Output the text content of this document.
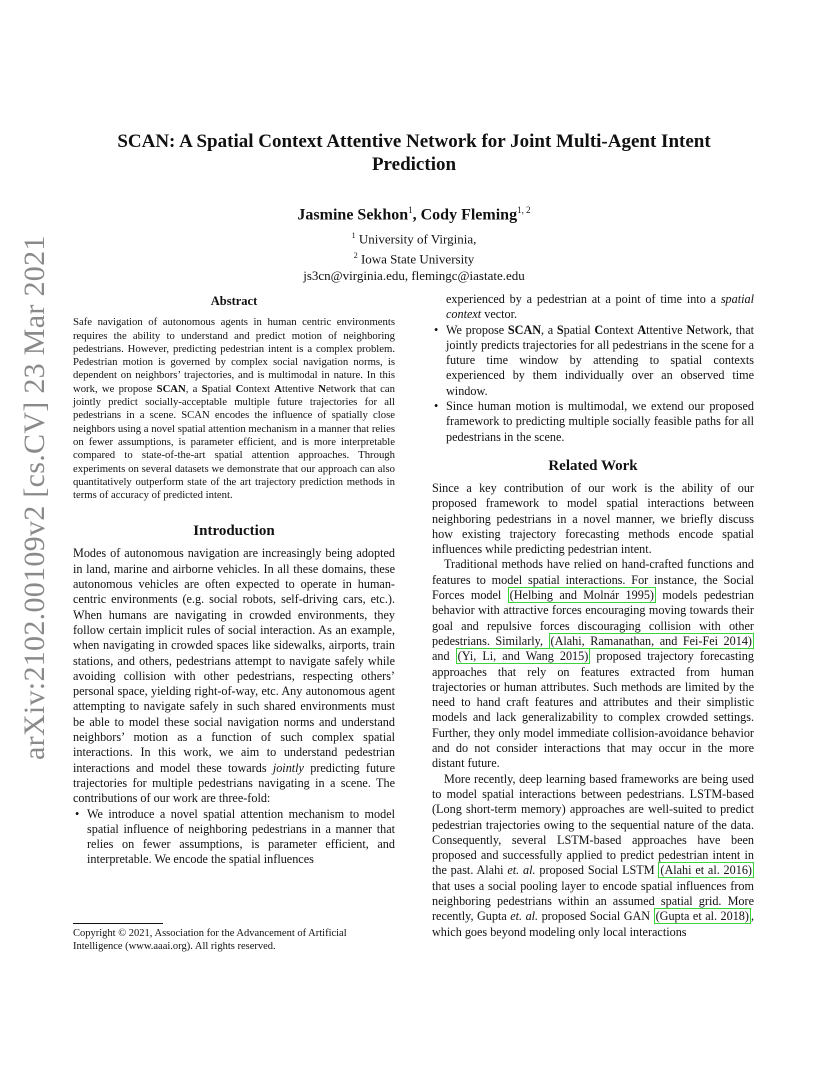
arXiv:2102.00109v2 [cs.CV] 23 Mar 2021
SCAN: A Spatial Context Attentive Network for Joint Multi-Agent Intent
Prediction
Jasmine Sekhon$^1$, Cody Fleming$^{1, 2}$
$^1$ University of Virginia,
$^2$ Iowa State University
js3cn@virginia.edu, flemingc@iastate.edu
Abstract

Safe navigation of autonomous agents in human centric environments requires the ability to understand and predict motion of neighboring pedestrians. However, predicting pedestrian intent is a complex problem. Pedestrian motion is governed by complex social navigation norms, is dependent on neighbors’ trajectories, and is multimodal in nature. In this work, we propose SCAN, a Spatial Context Attentive Network that can jointly predict socially-acceptable multiple future trajectories for all pedestrians in a scene. SCAN encodes the influence of spatially close neighbors using a novel spatial attention mechanism in a manner that relies on fewer assumptions, is parameter efficient, and is more interpretable compared to state-of-the-art spatial attention approaches. Through experiments on several datasets we demonstrate that our approach can also quantitatively outperform state of the art trajectory prediction methods in terms of accuracy of predicted intent.

Introduction

Modes of autonomous navigation are increasingly being adopted in land, marine and airborne vehicles. In all these domains, these autonomous vehicles are often expected to operate in human-centric environments (e.g. social robots, self-driving cars, etc.). When humans are navigating in crowded environments, they follow certain implicit rules of social interaction. As an example, when navigating in crowded spaces like sidewalks, airports, train stations, and others, pedestrians attempt to navigate safely while avoiding collision with other pedestrians, respecting others’ personal space, yielding right-of-way, etc. Any autonomous agent attempting to navigate safely in such shared environments must be able to model these social navigation norms and understand neighbors’ motion as a function of such complex spatial interactions. In this work, we aim to understand pedestrian interactions and model these towards jointly predicting future trajectories for multiple pedestrians navigating in a scene. The contributions of our work are three-fold:

• We introduce a novel spatial attention mechanism to model spatial influence of neighboring pedestrians in a manner that relies on fewer assumptions, is parameter efficient, and interpretable. We encode the spatial influences
Copyright © 2021, Association for the Advancement of Artificial Intelligence (www.aaai.org). All rights reserved.

experienced by a pedestrian at a point of time into a spatial context vector.

• We propose SCAN, a Spatial Context Attentive Network, that jointly predicts trajectories for all pedestrians in the scene for a future time window by attending to spatial contexts experienced by them individually over an observed time window.
• Since human motion is multimodal, we extend our proposed framework to predicting multiple socially feasible paths for all pedestrians in the scene.
Related Work

Since a key contribution of our work is the ability of our proposed framework to model spatial interactions between neighboring pedestrians in a novel manner, we briefly discuss how existing trajectory forecasting methods encode spatial influences while predicting pedestrian intent.

Traditional methods have relied on hand-crafted functions and features to model spatial interactions. For instance, the Social Forces model (Helbing and Molnár 1995) models pedestrian behavior with attractive forces encouraging moving towards their goal and repulsive forces discouraging collision with other pedestrians. Similarly, (Alahi, Ramanathan, and Fei-Fei 2014) and (Yi, Li, and Wang 2015) proposed trajectory forecasting approaches that rely on features extracted from human trajectories or human attributes. Such methods are limited by the need to hand craft features and attributes and their simplistic models and lack generalizability to complex crowded settings. Further, they only model immediate collision-avoidance behavior and do not consider interactions that may occur in the more distant future.

More recently, deep learning based frameworks are being used to model spatial interactions between pedestrians. LSTM-based (Long short-term memory) approaches are well-suited to predict pedestrian trajectories owing to the sequential nature of the data. Consequently, several LSTM-based approaches have been proposed and successfully applied to predict pedestrian intent in the past. Alahi et. al. proposed Social LSTM (Alahi et al. 2016) that uses a social pooling layer to encode spatial influences from neighboring pedestrians within an assumed spatial grid. More recently, Gupta et. al. proposed Social GAN (Gupta et al. 2018) , which goes beyond modeling only local interactions
